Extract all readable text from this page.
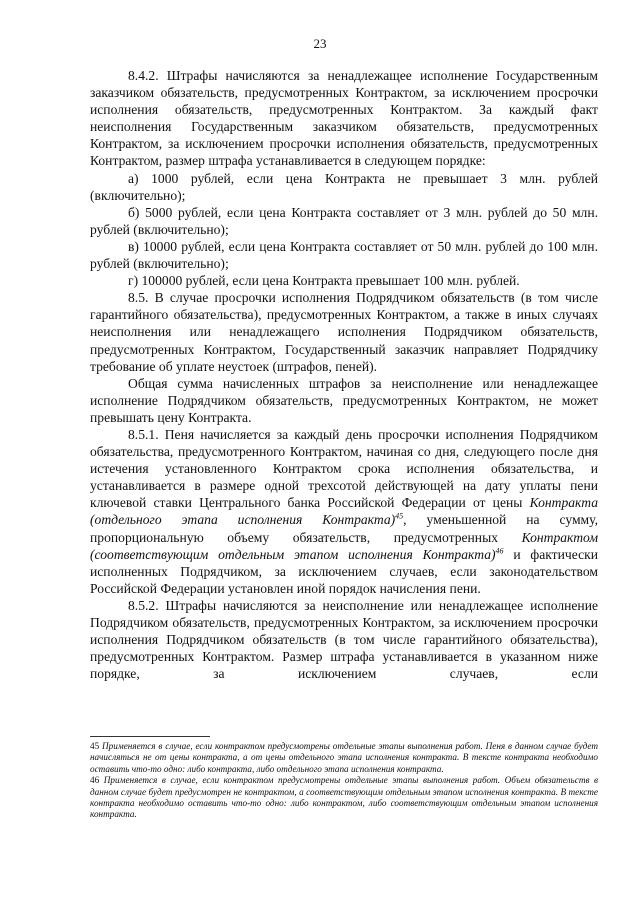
23

8.4.2. Штрафы начисляются за ненадлежащее исполнение Государственным заказчиком обязательств, предусмотренных Контрактом, за исключением просрочки исполнения обязательств, предусмотренных Контрактом. За каждый факт неисполнения Государственным заказчиком обязательств, предусмотренных Контрактом, за исключением просрочки исполнения обязательств, предусмотренных Контрактом, размер штрафа устанавливается в следующем порядке:

а) 1000 рублей, если цена Контракта не превышает 3 млн. рублей (включительно);

б) 5000 рублей, если цена Контракта составляет от 3 млн. рублей до 50 млн. рублей (включительно);

в) 10000 рублей, если цена Контракта составляет от 50 млн. рублей до 100 млн. рублей (включительно);

г) 100000 рублей, если цена Контракта превышает 100 млн. рублей.

8.5. В случае просрочки исполнения Подрядчиком обязательств (в том числе гарантийного обязательства), предусмотренных Контрактом, а также в иных случаях неисполнения или ненадлежащего исполнения Подрядчиком обязательств, предусмотренных Контрактом, Государственный заказчик направляет Подрядчику требование об уплате неустоек (штрафов, пеней).

Общая сумма начисленных штрафов за неисполнение или ненадлежащее исполнение Подрядчиком обязательств, предусмотренных Контрактом, не может превышать цену Контракта.

8.5.1. Пеня начисляется за каждый день просрочки исполнения Подрядчиком обязательства, предусмотренного Контрактом, начиная со дня, следующего после дня истечения установленного Контрактом срока исполнения обязательства, и устанавливается в размере одной трехсотой действующей на дату уплаты пени ключевой ставки Центрального банка Российской Федерации от цены Контракта (отдельного этапа исполнения Контракта)$^{45}$, уменьшенной на сумму, пропорциональную объему обязательств, предусмотренных Контрактом (соответствующим отдельным этапом исполнения Контракта)$^{46}$ и фактически исполненных Подрядчиком, за исключением случаев, если законодательством Российской Федерации установлен иной порядок начисления пени.

8.5.2. Штрафы начисляются за неисполнение или ненадлежащее исполнение Подрядчиком обязательств, предусмотренных Контрактом, за исключением просрочки исполнения Подрядчиком обязательств (в том числе гарантийного обязательства), предусмотренных Контрактом. Размер штрафа устанавливается в указанном ниже порядке, за исключением случаев, если

45 Применяется в случае, если контрактом предусмотрены отдельные этапы выполнения работ. Пеня в данном случае будет начисляться не от цены контракта, а от цены отдельного этапа исполнения контракта. В тексте контракта необходимо оставить что-то одно: либо контракта, либо отдельного этапа исполнения контракта.

46 Применяется в случае, если контрактом предусмотрены отдельные этапы выполнения работ. Объем обязательств в данном случае будет предусмотрен не контрактом, а соответствующим отдельным этапом исполнения контракта. В тексте контракта необходимо оставить что-то одно: либо контрактом, либо соответствующим отдельным этапом исполнения контракта.
